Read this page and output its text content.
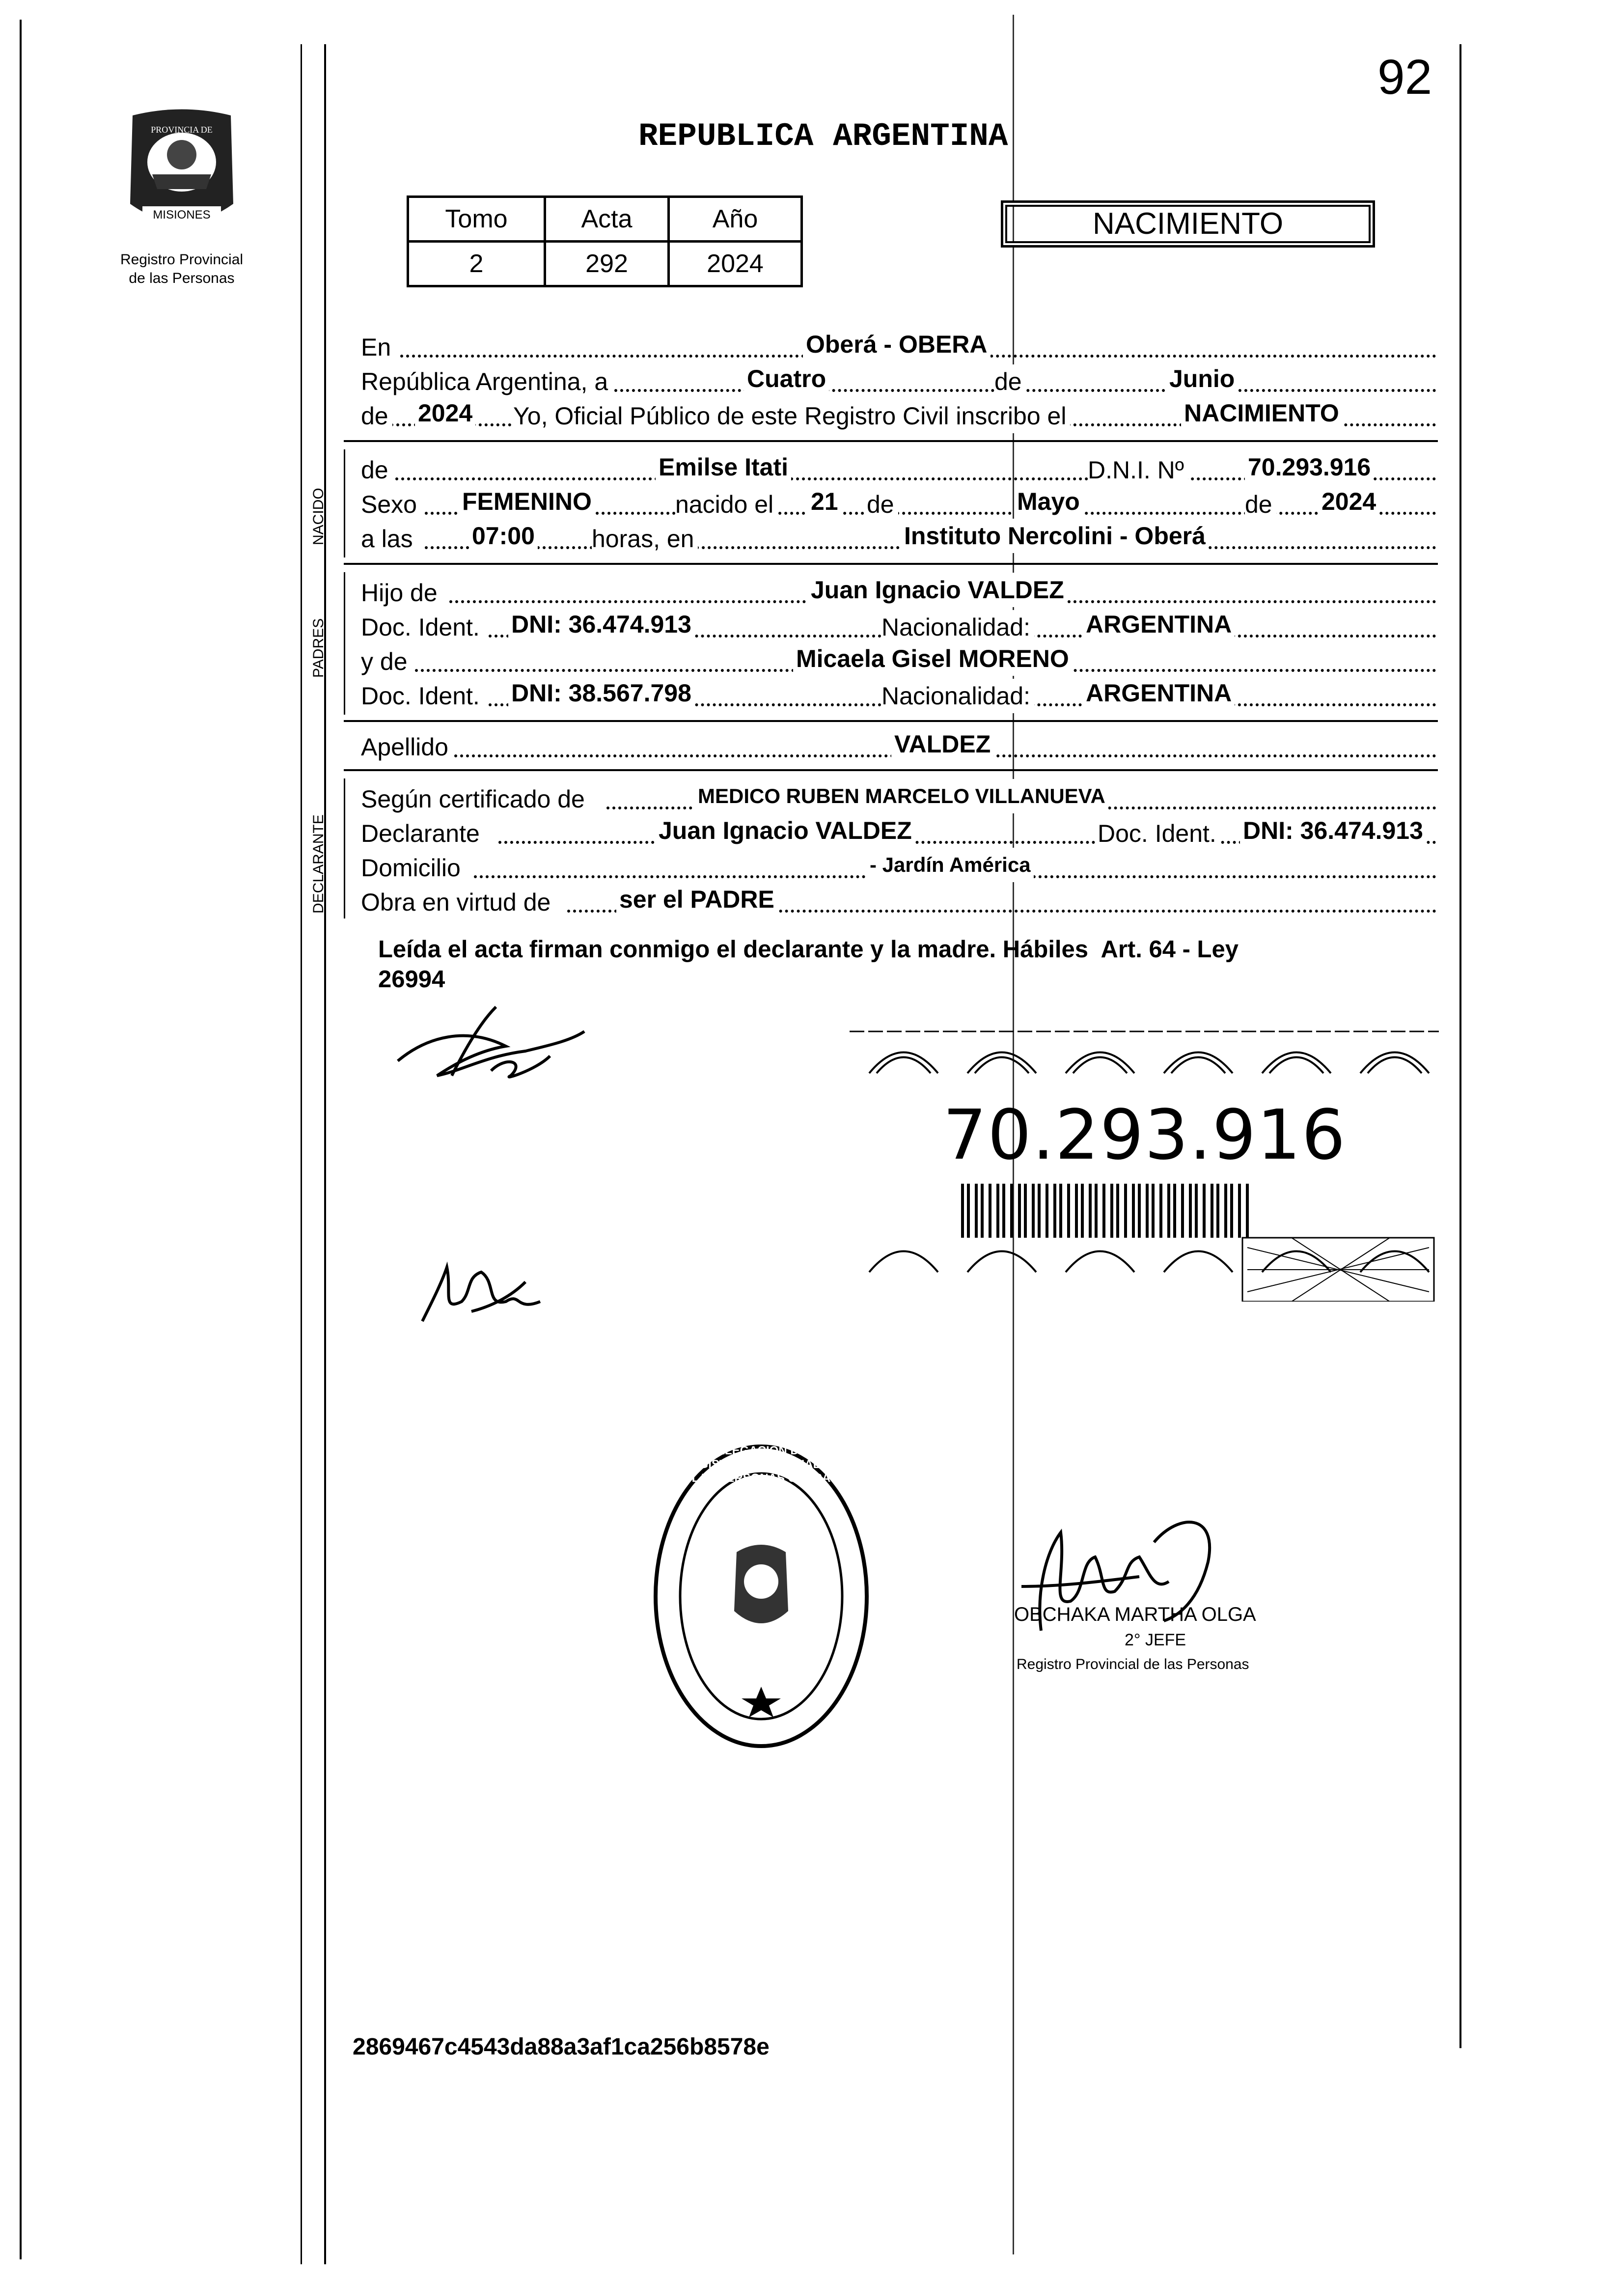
92
MISIONES
PROVINCIA DE
Registro Provincial
de las Personas
REPUBLICA ARGENTINA
Tomo	Acta	Año
2	292	2024
NACIMIENTO
En	Oberá - OBERA
República Argentina, a	Cuatro	de	Junio
de 2024 Yo, Oficial Público de este Registro Civil inscribo el	NACIMIENTO
NACIDO
de	Emilse Itati	D.N.I. Nº	70.293.916
Sexo FEMENINO	nacido el 21 de	Mayo	de 2024
a las 07:00 horas, en	Instituto Nercolini - Oberá
PADRES
Hijo de	Juan Ignacio VALDEZ
Doc. Ident. DNI: 36.474.913	Nacionalidad: ARGENTINA
y de	Micaela Gisel MORENO
Doc. Ident. DNI: 38.567.798	Nacionalidad: ARGENTINA
Apellido	VALDEZ
DECLARANTE
Según certificado de	MEDICO RUBEN MARCELO VILLANUEVA
Declarante	Juan Ignacio VALDEZ	Doc. Ident. DNI: 36.474.913
Domicilio	- Jardín América
Obra en virtud de	ser el PADRE
Leída el acta firman conmigo el declarante y la madre. Hábiles  Art. 64 - Ley
26994
70.293.916
DELEGACION DEL REGISTRO PROVINCIAL DE LAS PERSONAS OBERA
OBCHAKA MARTHA OLGA
2° JEFE
Registro Provincial de las Personas
2869467c4543da88a3af1ca256b8578e
